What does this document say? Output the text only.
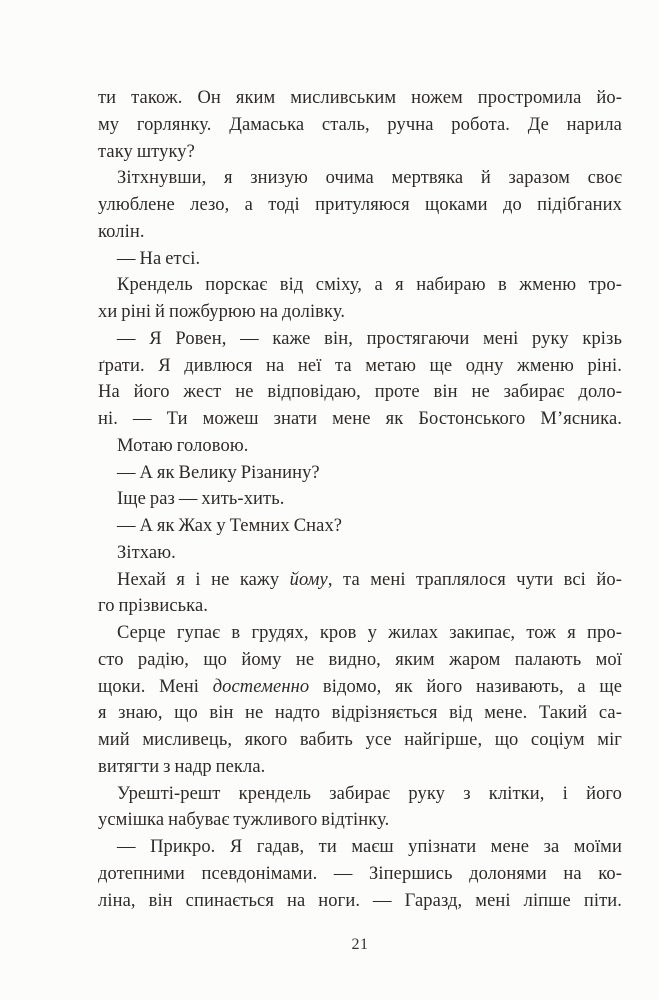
ти також. Он яким мисливським ножем простромила йо-
му горлянку. Дамаська сталь, ручна робота. Де нарила
таку штуку?
Зітхнувши, я знизую очима мертвяка й заразом своє
улюблене лезо, а тоді притуляюся щоками до підібганих
колін.
— На етсі.
Крендель порскає від сміху, а я набираю в жменю тро-
хи ріні й пожбурюю на долівку.
— Я Ровен, — каже він, простягаючи мені руку крізь
ґрати. Я дивлюся на неї та метаю ще одну жменю ріні.
На його жест не відповідаю, проте він не забирає доло-
ні. — Ти можеш знати мене як Бостонського М’ясника.
Мотаю головою.
— А як Велику Різанину?
Іще раз — хить-хить.
— А як Жах у Темних Снах?
Зітхаю.
Нехай я і не кажу йому, та мені траплялося чути всі йо-
го прізвиська.
Серце гупає в грудях, кров у жилах закипає, тож я про-
сто радію, що йому не видно, яким жаром палають мої
щоки. Мені достеменно відомо, як його називають, а ще
я знаю, що він не надто відрізняється від мене. Такий са-
мий мисливець, якого вабить усе найгірше, що соціум міг
витягти з надр пекла.
Урешті-решт крендель забирає руку з клітки, і його
усмішка набуває тужливого відтінку.
— Прикро. Я гадав, ти маєш упізнати мене за моїми
дотепними псевдонімами. — Зіпершись долонями на ко-
ліна, він спинається на ноги. — Гаразд, мені ліпше піти.
21
